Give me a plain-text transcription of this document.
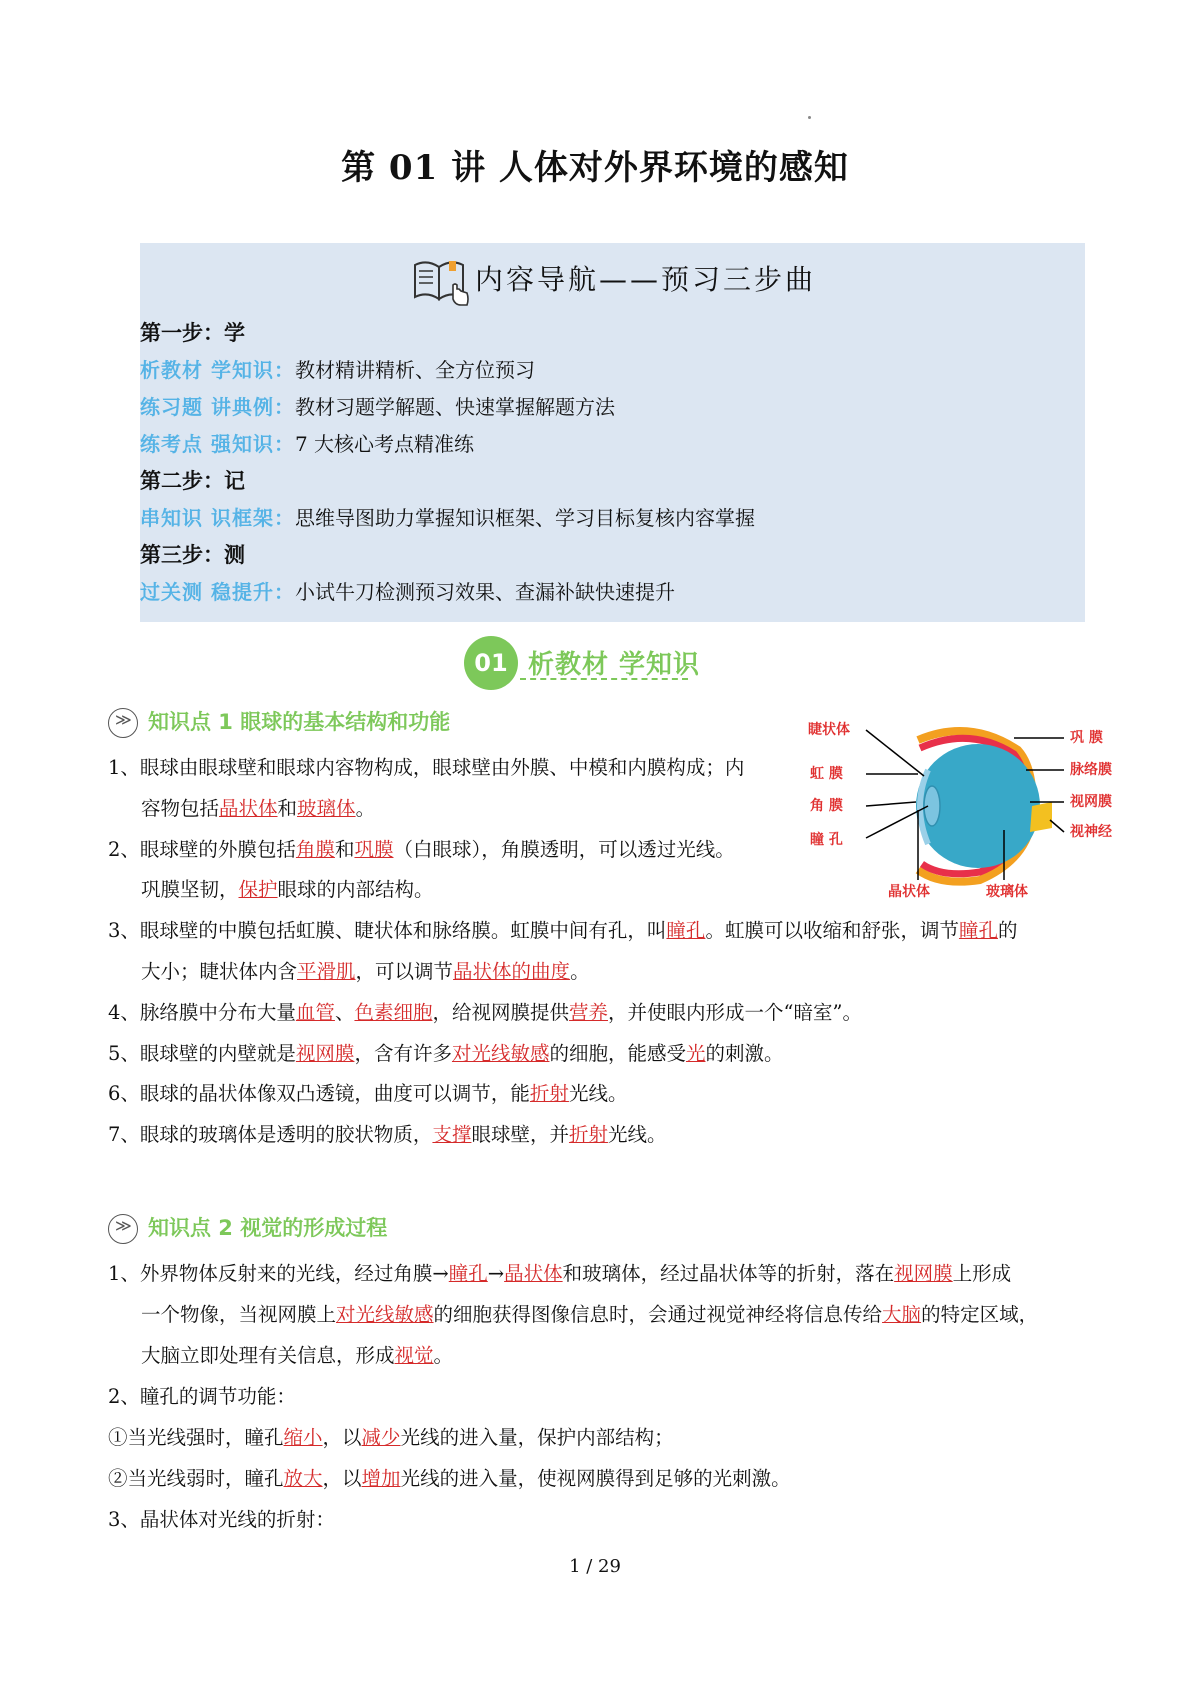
第 01 讲 人体对外界环境的感知
内容导航——预习三步曲
第一步：学
析教材 学知识：教材精讲精析、全方位预习
练习题 讲典例：教材习题学解题、快速掌握解题方法
练考点 强知识：7 大核心考点精准练
第二步：记
串知识 识框架：思维导图助力掌握知识框架、学习目标复核内容掌握
第三步：测
过关测 稳提升：小试牛刀检测预习效果、查漏补缺快速提升
01 析教材 学知识
≫知识点 1 眼球的基本结构和功能
1、眼球由眼球壁和眼球内容物构成，眼球壁由外膜、中模和内膜构成；内
容物包括晶状体和玻璃体。
2、眼球壁的外膜包括角膜和巩膜（白眼球），角膜透明，可以透过光线。
巩膜坚韧，保护眼球的内部结构。
3、眼球壁的中膜包括虹膜、睫状体和脉络膜。虹膜中间有孔，叫瞳孔。虹膜可以收缩和舒张，调节瞳孔的
大小；睫状体内含平滑肌，可以调节晶状体的曲度。
4、脉络膜中分布大量血管、色素细胞，给视网膜提供营养，并使眼内形成一个“暗室”。
5、眼球壁的内壁就是视网膜，含有许多对光线敏感的细胞，能感受光的刺激。
6、眼球的晶状体像双凸透镜，曲度可以调节，能折射光线。
7、眼球的玻璃体是透明的胶状物质，支撑眼球壁，并折射光线。
睫状体
虹 膜
角 膜
瞳 孔
巩 膜
脉络膜
视网膜
视神经
晶状体	玻璃体
≫知识点 2 视觉的形成过程
1、外界物体反射来的光线，经过角膜→瞳孔→晶状体和玻璃体，经过晶状体等的折射，落在视网膜上形成
一个物像，当视网膜上对光线敏感的细胞获得图像信息时，会通过视觉神经将信息传给大脑的特定区域，
大脑立即处理有关信息，形成视觉。
2、瞳孔的调节功能：
①当光线强时，瞳孔缩小，以减少光线的进入量，保护内部结构；
②当光线弱时，瞳孔放大，以增加光线的进入量，使视网膜得到足够的光刺激。
3、晶状体对光线的折射：
1 / 29
